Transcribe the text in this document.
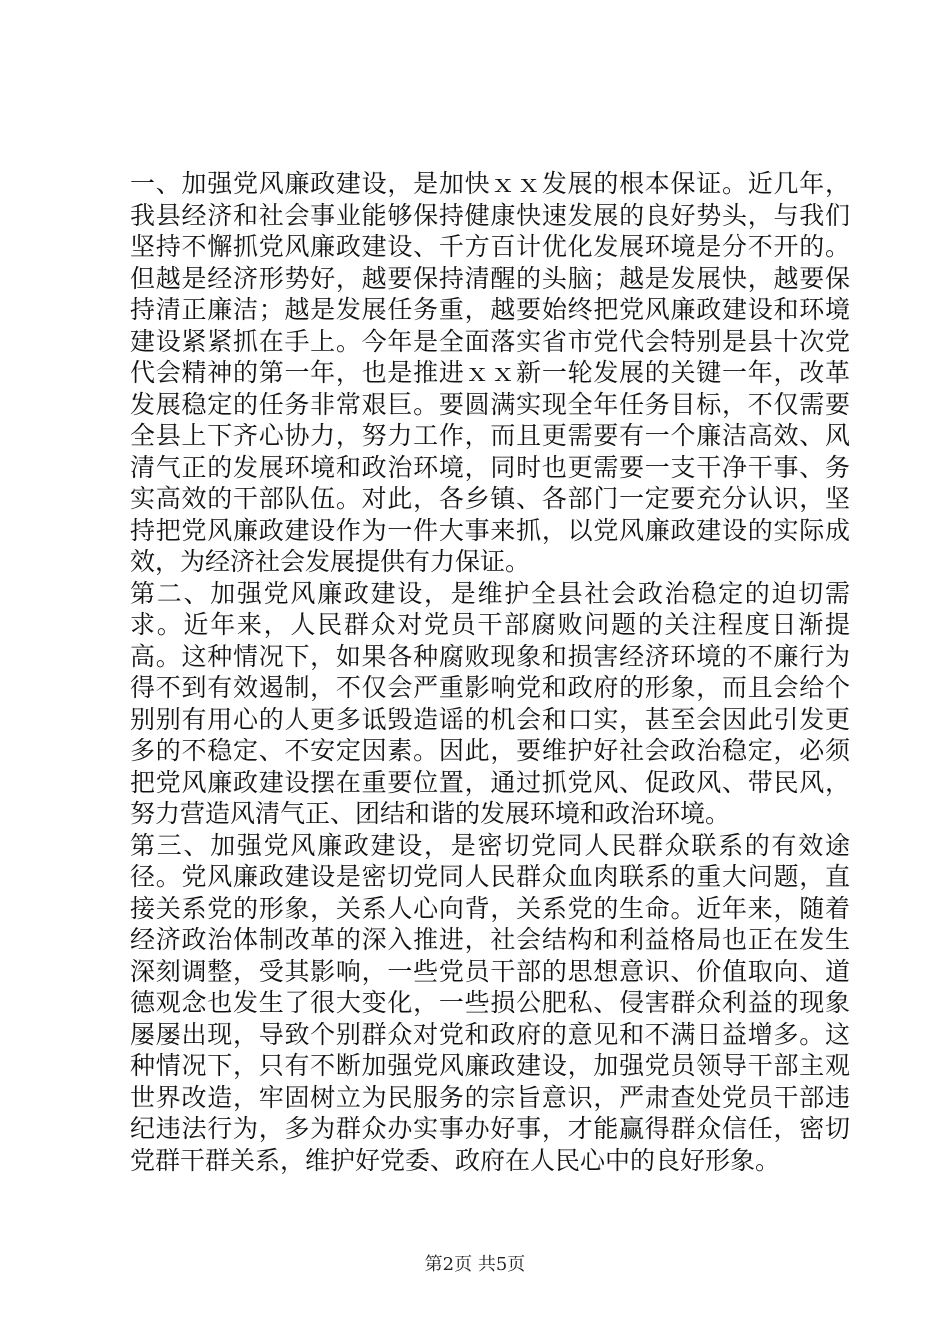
一、加强党风廉政建设，是加快ｘｘ发展的根本保证。近几年，我县经济和社会事业能够保持健康快速发展的良好势头，与我们坚持不懈抓党风廉政建设、千方百计优化发展环境是分不开的。但越是经济形势好，越要保持清醒的头脑；越是发展快，越要保持清正廉洁；越是发展任务重，越要始终把党风廉政建设和环境建设紧紧抓在手上。今年是全面落实省市党代会特别是县十次党代会精神的第一年，也是推进ｘｘ新一轮发展的关键一年，改革发展稳定的任务非常艰巨。要圆满实现全年任务目标，不仅需要全县上下齐心协力，努力工作，而且更需要有一个廉洁高效、风清气正的发展环境和政治环境，同时也更需要一支干净干事、务实高效的干部队伍。对此，各乡镇、各部门一定要充分认识，坚持把党风廉政建设作为一件大事来抓，以党风廉政建设的实际成效，为经济社会发展提供有力保证。

第二、加强党风廉政建设，是维护全县社会政治稳定的迫切需求。近年来，人民群众对党员干部腐败问题的关注程度日渐提高。这种情况下，如果各种腐败现象和损害经济环境的不廉行为得不到有效遏制，不仅会严重影响党和政府的形象，而且会给个别别有用心的人更多诋毁造谣的机会和口实，甚至会因此引发更多的不稳定、不安定因素。因此，要维护好社会政治稳定，必须把党风廉政建设摆在重要位置，通过抓党风、促政风、带民风，努力营造风清气正、团结和谐的发展环境和政治环境。

第三、加强党风廉政建设，是密切党同人民群众联系的有效途径。党风廉政建设是密切党同人民群众血肉联系的重大问题，直接关系党的形象，关系人心向背，关系党的生命。近年来，随着经济政治体制改革的深入推进，社会结构和利益格局也正在发生深刻调整，受其影响，一些党员干部的思想意识、价值取向、道德观念也发生了很大变化，一些损公肥私、侵害群众利益的现象屡屡出现，导致个别群众对党和政府的意见和不满日益增多。这种情况下，只有不断加强党风廉政建设，加强党员领导干部主观世界改造，牢固树立为民服务的宗旨意识，严肃查处党员干部违纪违法行为，多为群众办实事办好事，才能赢得群众信任，密切党群干群关系，维护好党委、政府在人民心中的良好形象。

第2页 共5页
